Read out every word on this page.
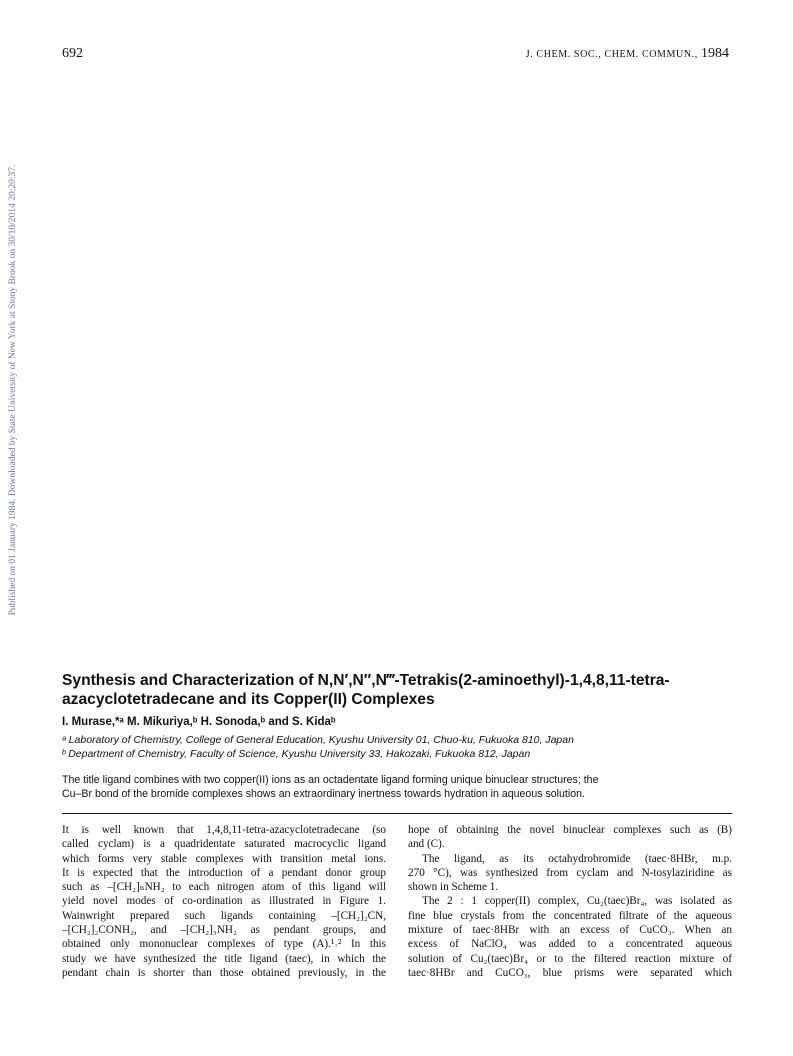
692	J. CHEM. SOC., CHEM. COMMUN., 1984
Published on 01 January 1984. Downloaded by State University of New York at Stony Brook on 30/10/2014 20:20:37.
Synthesis and Characterization of N,N′,N″,N‴-Tetrakis(2-aminoethyl)-1,4,8,11-tetra-
azacyclotetradecane and its Copper(II) Complexes
I. Murase,*ᵃ M. Mikuriya,ᵇ H. Sonoda,ᵇ and S. Kidaᵇ
ᵃ Laboratory of Chemistry, College of General Education, Kyushu University 01, Chuo-ku, Fukuoka 810, Japan
ᵇ Department of Chemistry, Faculty of Science, Kyushu University 33, Hakozaki, Fukuoka 812, Japan

The title ligand combines with two copper(II) ions as an octadentate ligand forming unique binuclear structures; the
Cu–Br bond of the bromide complexes shows an extraordinary inertness towards hydration in aqueous solution.

It is well known that 1,4,8,11-tetra-azacyclotetradecane (so
called cyclam) is a quadridentate saturated macrocyclic ligand
which forms very stable complexes with transition metal ions.
It is expected that the introduction of a pendant donor group
such as –[CH₂]ₙNH₂ to each nitrogen atom of this ligand will
yield novel modes of co-ordination as illustrated in Figure 1.
Wainwright prepared such ligands containing –[CH₂]₂CN,
–[CH₂]₂CONH₂, and –[CH₂]₃NH₂ as pendant groups, and
obtained only mononuclear complexes of type (A).¹˒² In this
study we have synthesized the title ligand (taec), in which the
pendant chain is shorter than those obtained previously, in the
hope of obtaining the novel binuclear complexes such as (B)
and (C).
The ligand, as its octahydrobromide (taec·8HBr, m.p.
270 °C), was synthesized from cyclam and N-tosylaziridine as
shown in Scheme 1.
The 2 : 1 copper(II) complex, Cu₂(taec)Br₄, was isolated as
fine blue crystals from the concentrated filtrate of the aqueous
mixture of taec·8HBr with an excess of CuCO₃. When an
excess of NaClO₄ was added to a concentrated aqueous
solution of Cu₂(taec)Br₄ or to the filtered reaction mixture of
taec·8HBr and CuCO₃, blue prisms were separated which
